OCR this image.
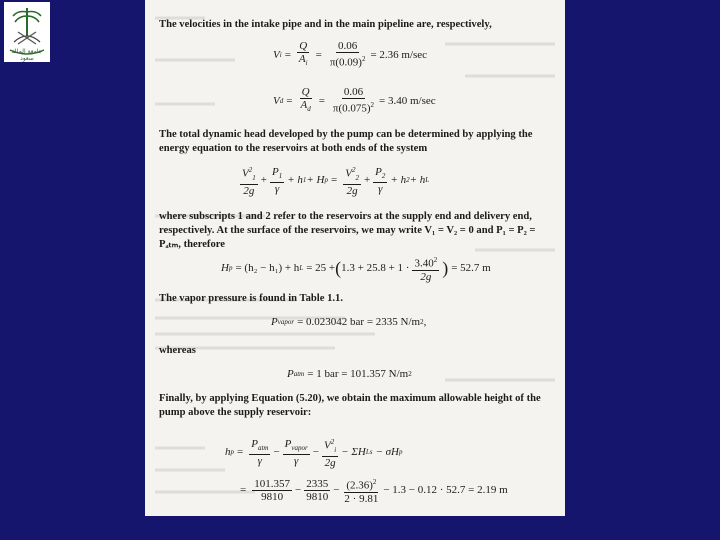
جامعة الملك سعود
The velocities in the intake pipe and in the main pipeline are, respectively,
V $i = \frac{Q}{A_i} = \frac{0.06}{\pi(0.09)^2} = 2.36$ m/sec
V $d = \frac{Q}{A_d} = \frac{0.06}{\pi(0.075)^2} = 3.40$ m/sec
The total dynamic head developed by the pump can be determined by applying the energy equation to the reservoirs at both ends of the system
$\frac{V^2_1}{2g} + \frac{P_1}{\gamma} + h$ 1 + H $p = \frac{V^2_2}{2g} + \frac{P_2}{\gamma} + h$ 2 + h L
where subscripts 1 and 2 refer to the reservoirs at the supply end and delivery end, respectively. At the surface of the reservoirs, we may write V₁ = V₂ = 0 and P₁ = P₂ = Pₐₜₘ, therefore
H p = (h₂ − h₁) + h L = 25 + ( $1.3 + 25.8 + 1 \cdot \frac{3.40^2}{2g}$ ) = 52.7 m
The vapor pressure is found in Table 1.1.
P vapor = 0.023042 bar = 2335 N/m 2 ,
whereas
P atm = 1 bar = 101.357 N/m 2
Finally, by applying Equation (5.20), we obtain the maximum allowable height of the pump above the supply reservoir:
h $p = \frac{P_{atm}}{\gamma} - \frac{P_{vapor}}{\gamma} - \frac{V^2_i}{2g} - \Sigma H$ Ls − σH p
= $\frac{101.357}{9810} - \frac{2335}{9810} - \frac{(2.36)^2}{2 \cdot 9.81} - 1.3 - 0.12 \cdot 52.7 = 2.19$ m
